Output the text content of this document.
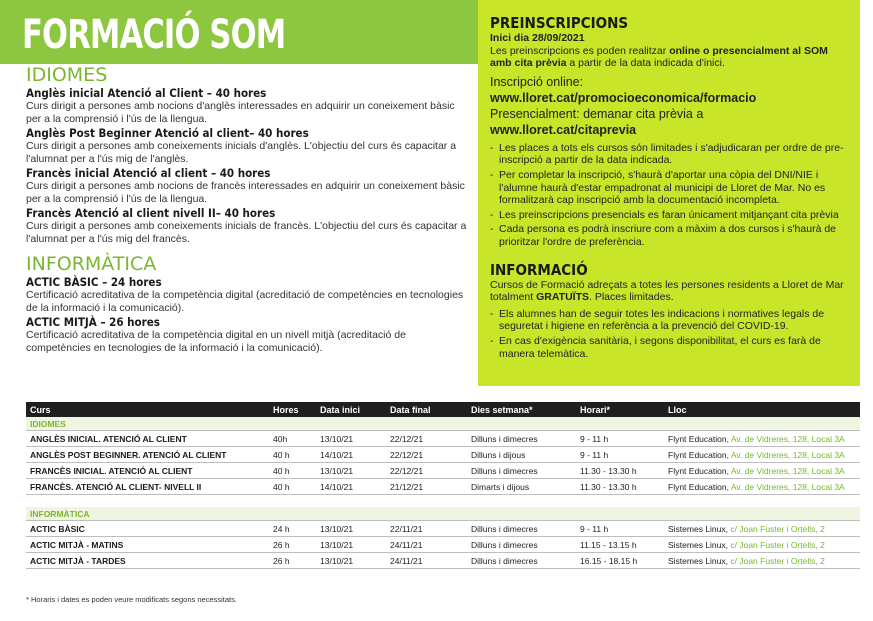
FORMACIÓ SOM
IDIOMES
Anglès inicial Atenció al Client – 40 hores
Curs dirigit a persones amb nocions d'anglès interessades en adquirir un coneixement bàsic per a la comprensió i l'ús de la llengua.
Anglès Post Beginner Atenció al client– 40 hores
Curs dirigit a persones amb coneixements inicials d'anglès. L'objectiu del curs és capacitar a l'alumnat per a l'ús mig de l'anglès.
Francès inicial Atenció al client – 40 hores
Curs dirigit a persones amb nocions de francès interessades en adquirir un coneixement bàsic per a la comprensió i l'ús de la llengua.
Francès Atenció al client nivell II– 40 hores
Curs dirigit a persones amb coneixements inicials de francès. L'objectiu del curs és capacitar a l'alumnat per a l'ús mig del francès.
INFORMÀTICA
ACTIC BÀSIC – 24 hores
Certificació acreditativa de la competència digital (acreditació de competències en tecnologies de la informació i la comunicació).
ACTIC MITJÀ – 26 hores
Certificació acreditativa de la competència digital en un nivell mitjà (acreditació de competències en tecnologies de la informació i la comunicació).
PREINSCRIPCIONS

Inici dia 28/09/2021

Les preinscripcions es poden realitzar online o presencialment al SOM amb cita prèvia a partir de la data indicada d'inici.

Inscripció online: www.lloret.cat/promocioeconomica/formacio

Presencialment: demanar cita prèvia a www.lloret.cat/citaprevia

- Les places a tots els cursos són limitades i s'adjudicaran per ordre de pre-inscripció a partir de la data indicada.
- Per completar la inscripció, s'haurà d'aportar una còpia del DNI/NIE i l'alumne haurà d'estar empadronat al municipi de Lloret de Mar. No es formalitzarà cap inscripció amb la documentació incompleta.
- Les preinscripcions presencials es faran únicament mitjançant cita prèvia
- Cada persona es podrà inscriure com a màxim a dos cursos i s'haurà de prioritzar l'ordre de preferència.
INFORMACIÓ

Cursos de Formació adreçats a totes les persones residents a Lloret de Mar totalment GRATUÏTS. Places limitades.

- Els alumnes han de seguir totes les indicacions i normatives legals de seguretat i higiene en referència a la prevenció del COVID-19.
- En cas d'exigència sanitària, i segons disponibilitat, el curs es farà de manera telemàtica.
Curs	Hores	Data inici	Data final	Dies setmana*	Horari*	Lloc
IDIOMES
ANGLÈS INICIAL. ATENCIÓ AL CLIENT	40h	13/10/21	22/12/21	Dilluns i dimecres	9 - 11 h	Flynt Education, Av. de Vidreres, 128, Local 3A
ANGLÈS POST BEGINNER. ATENCIÓ AL CLIENT	40 h	14/10/21	22/12/21	Dilluns i dijous	9 - 11 h	Flynt Education, Av. de Vidreres, 128, Local 3A
FRANCÈS INICIAL. ATENCIÓ AL CLIENT	40 h	13/10/21	22/12/21	Dilluns i dimecres	11.30 - 13.30 h	Flynt Education, Av. de Vidreres, 128, Local 3A
FRANCÈS. ATENCIÓ AL CLIENT- NIVELL II	40 h	14/10/21	21/12/21	Dimarts i dijous	11.30 - 13.30 h	Flynt Education, Av. de Vidreres, 128, Local 3A
INFORMÀTICA
ACTIC BÀSIC	24 h	13/10/21	22/11/21	Dilluns i dimecres	9 - 11 h	Sistemes Linux, c/ Joan Fuster i Ortells, 2
ACTIC MITJÀ - MATINS	26 h	13/10/21	24/11/21	Dilluns i dimecres	11.15 - 13.15 h	Sistemes Linux, c/ Joan Fuster i Ortells, 2
ACTIC MITJÀ - TARDES	26 h	13/10/21	24/11/21	Dilluns i dimecres	16.15 - 18.15 h	Sistemes Linux, c/ Joan Fuster i Ortells, 2
* Horaris i dates es poden veure modificats segons necessitats.
